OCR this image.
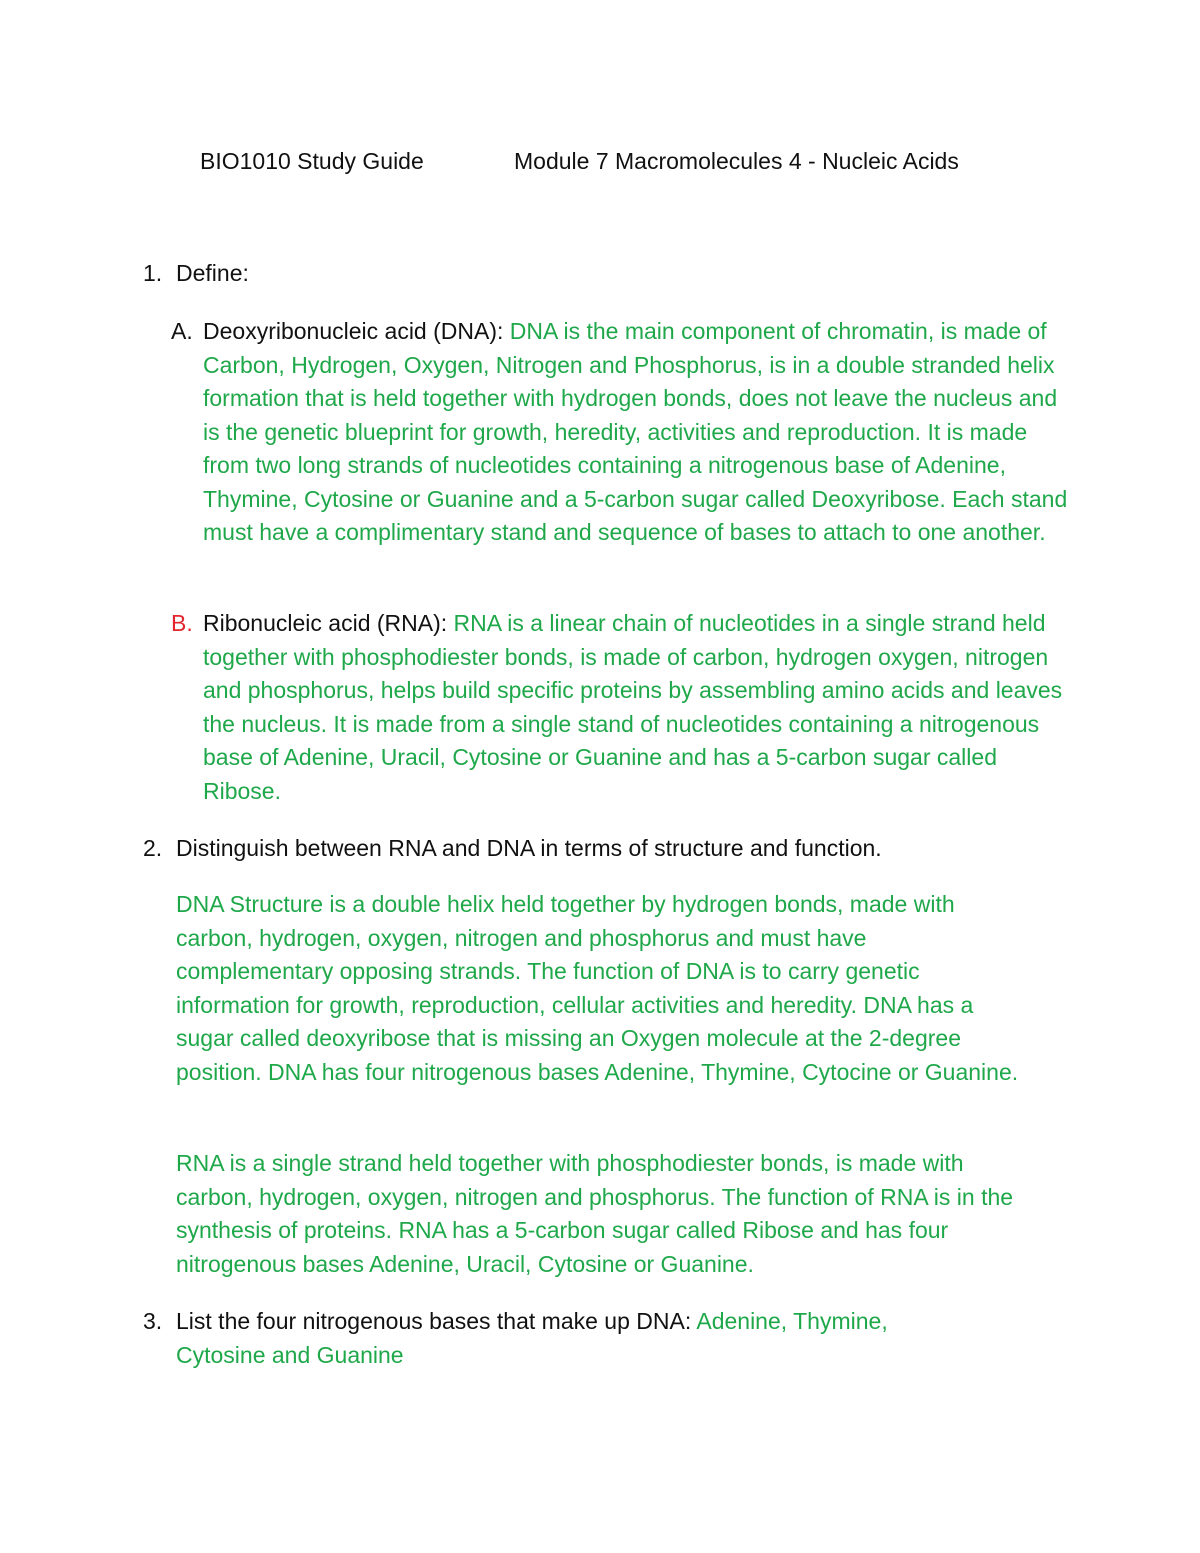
BIO1010 Study Guide	Module 7 Macromolecules 4 - Nucleic Acids
1. Define:
A. Deoxyribonucleic acid (DNA): DNA is the main component of chromatin, is made of Carbon, Hydrogen, Oxygen, Nitrogen and Phosphorus, is in a double stranded helix formation that is held together with hydrogen bonds, does not leave the nucleus and is the genetic blueprint for growth, heredity, activities and reproduction. It is made from two long strands of nucleotides containing a nitrogenous base of Adenine, Thymine, Cytosine or Guanine and a 5-carbon sugar called Deoxyribose. Each stand must have a complimentary stand and sequence of bases to attach to one another.

B. Ribonucleic acid (RNA): RNA is a linear chain of nucleotides in a single strand held together with phosphodiester bonds, is made of carbon, hydrogen oxygen, nitrogen and phosphorus, helps build specific proteins by assembling amino acids and leaves the nucleus. It is made from a single stand of nucleotides containing a nitrogenous base of Adenine, Uracil, Cytosine or Guanine and has a 5-carbon sugar called Ribose.

2. Distinguish between RNA and DNA in terms of structure and function.

DNA Structure is a double helix held together by hydrogen bonds, made with carbon, hydrogen, oxygen, nitrogen and phosphorus and must have complementary opposing strands. The function of DNA is to carry genetic information for growth, reproduction, cellular activities and heredity. DNA has a sugar called deoxyribose that is missing an Oxygen molecule at the 2-degree position. DNA has four nitrogenous bases Adenine, Thymine, Cytocine or Guanine.

RNA is a single strand held together with phosphodiester bonds, is made with carbon, hydrogen, oxygen, nitrogen and phosphorus. The function of RNA is in the synthesis of proteins. RNA has a 5-carbon sugar called Ribose and has four nitrogenous bases Adenine, Uracil, Cytosine or Guanine.

3. List the four nitrogenous bases that make up DNA: Adenine, Thymine, Cytosine and Guanine
